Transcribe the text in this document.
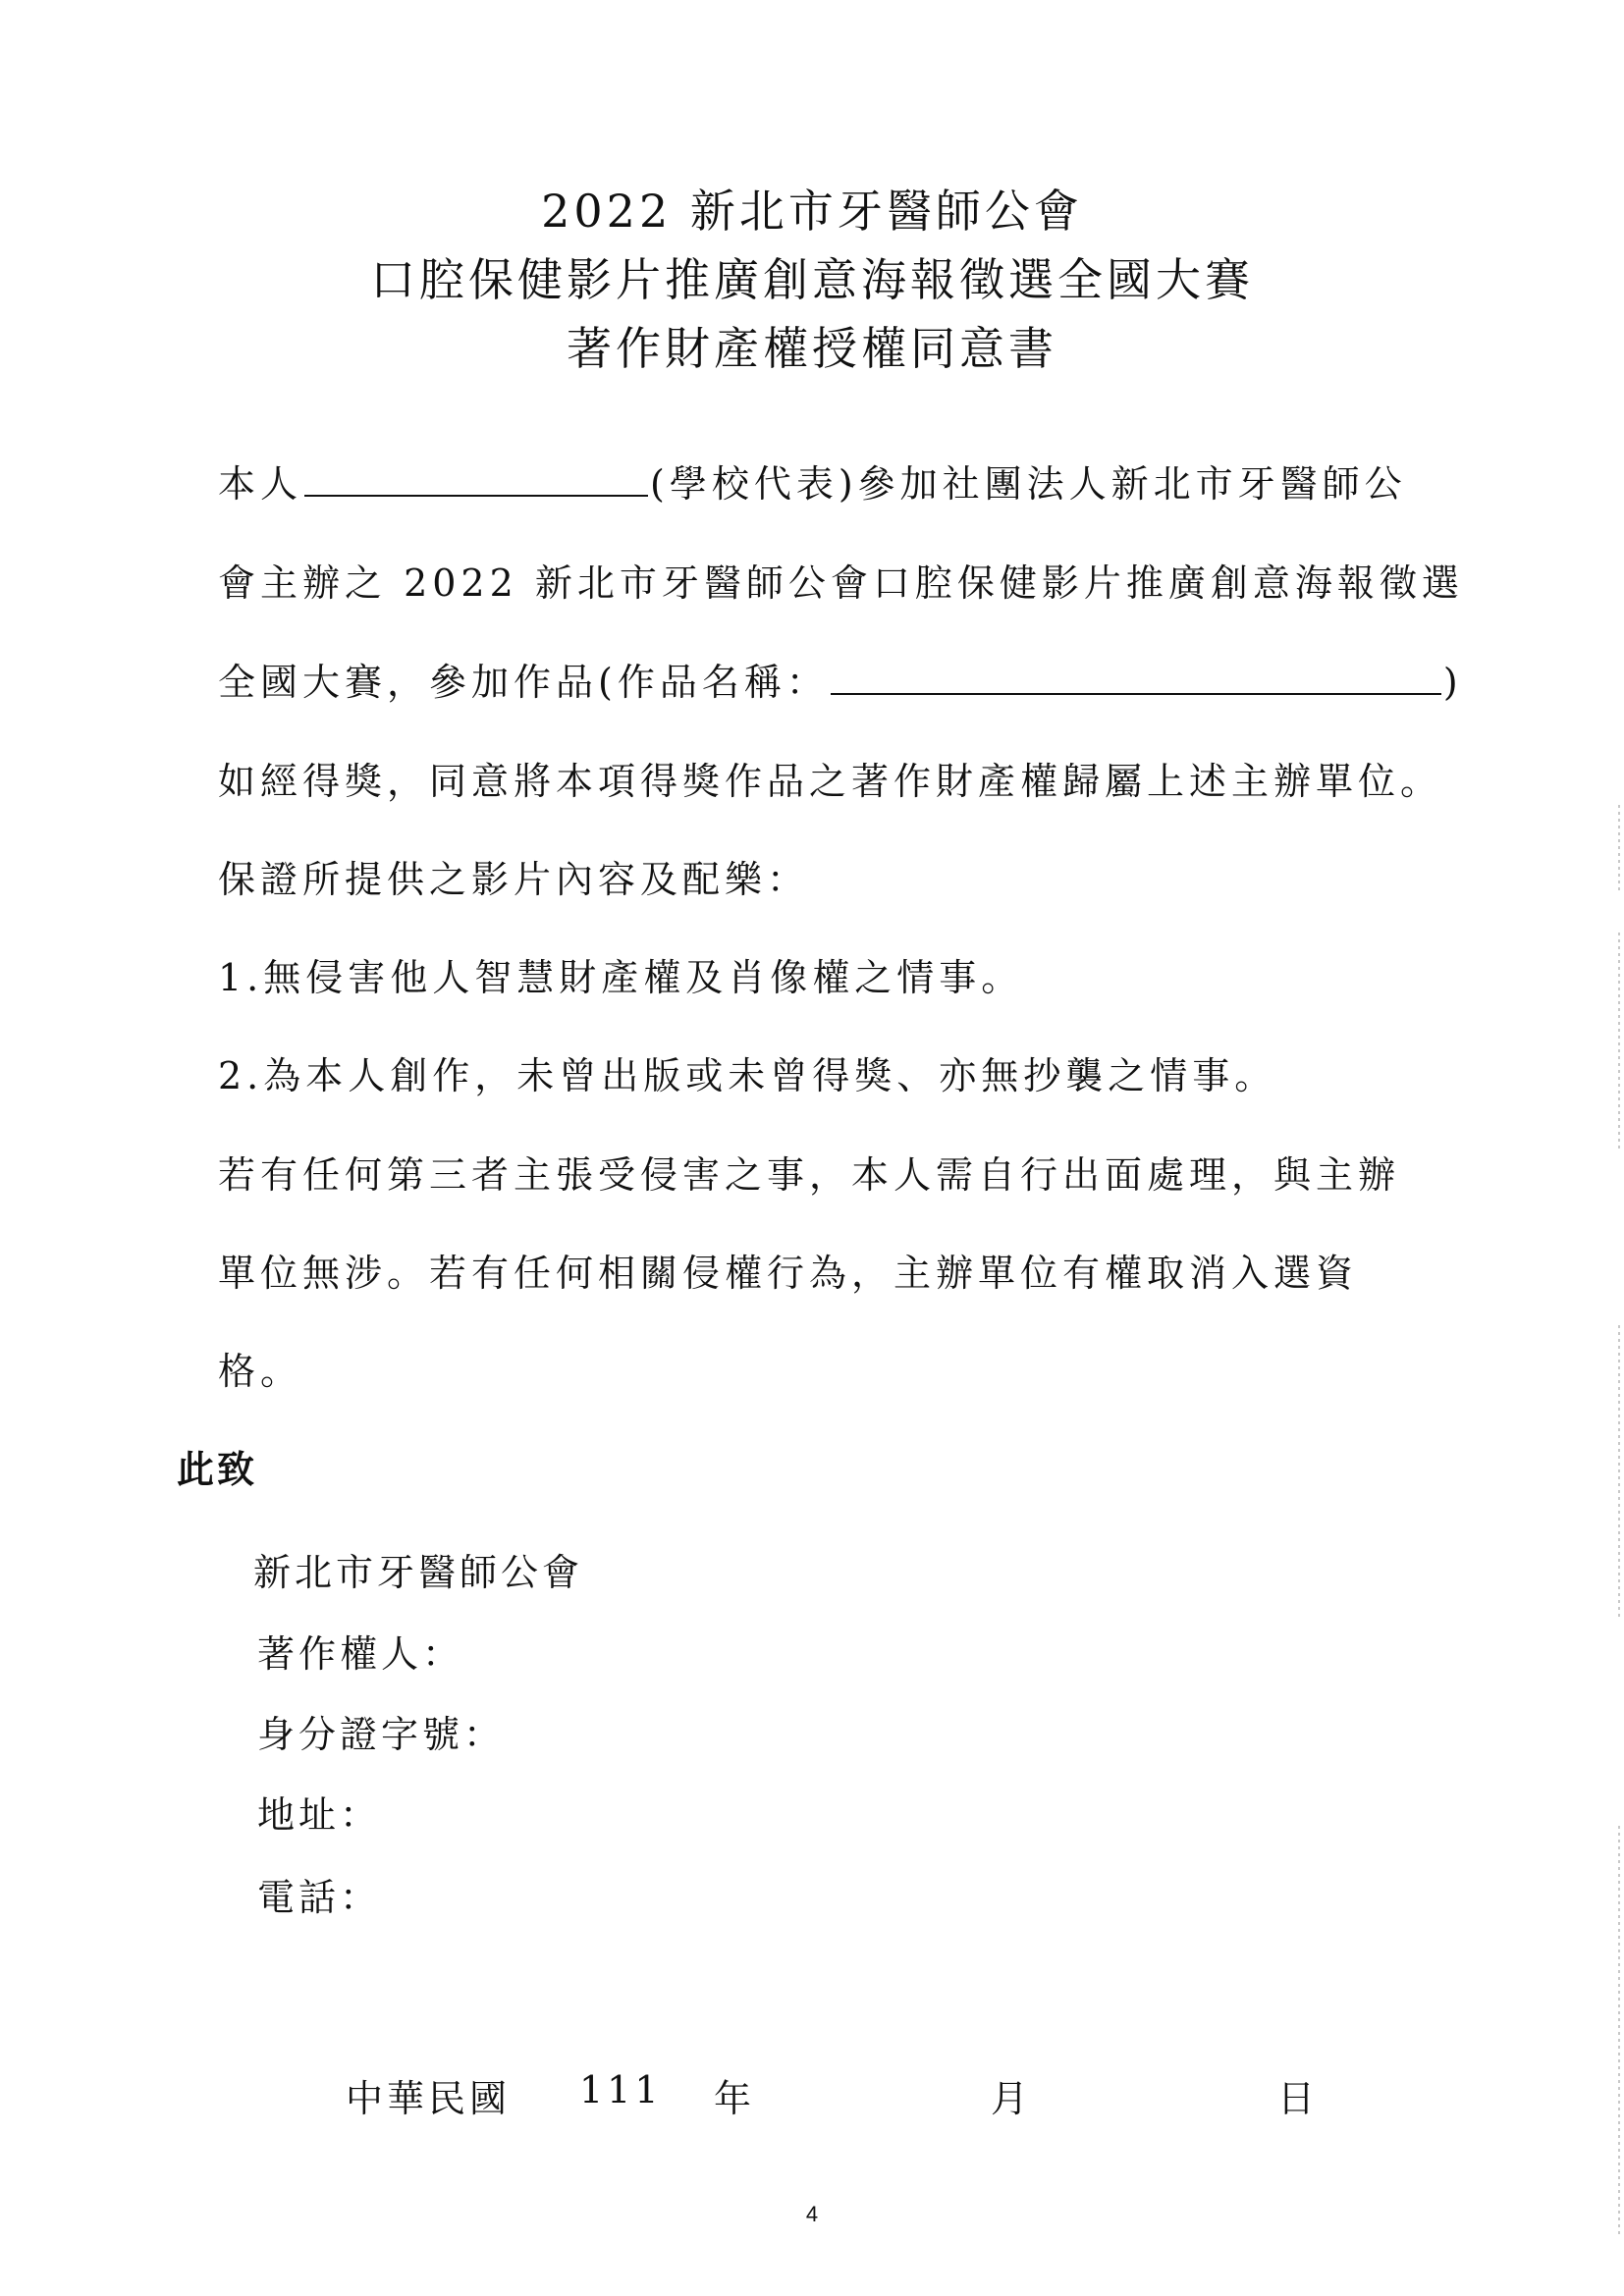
2022 新北市牙醫師公會
口腔保健影片推廣創意海報徵選全國大賽
著作財產權授權同意書
本人	(學校代表)參加社團法人新北市牙醫師公
會主辦之 2022 新北市牙醫師公會口腔保健影片推廣創意海報徵選
全國大賽，參加作品(作品名稱：	)
如經得獎，同意將本項得獎作品之著作財產權歸屬上述主辦單位。
保證所提供之影片內容及配樂：
1.無侵害他人智慧財產權及肖像權之情事。
2.為本人創作，未曾出版或未曾得獎、亦無抄襲之情事。
若有任何第三者主張受侵害之事，本人需自行出面處理，與主辦
單位無涉。若有任何相關侵權行為，主辦單位有權取消入選資
格。
此致
新北市牙醫師公會
著作權人：
身分證字號：
地址：
電話：
中華民國 111 年	月	日
4
